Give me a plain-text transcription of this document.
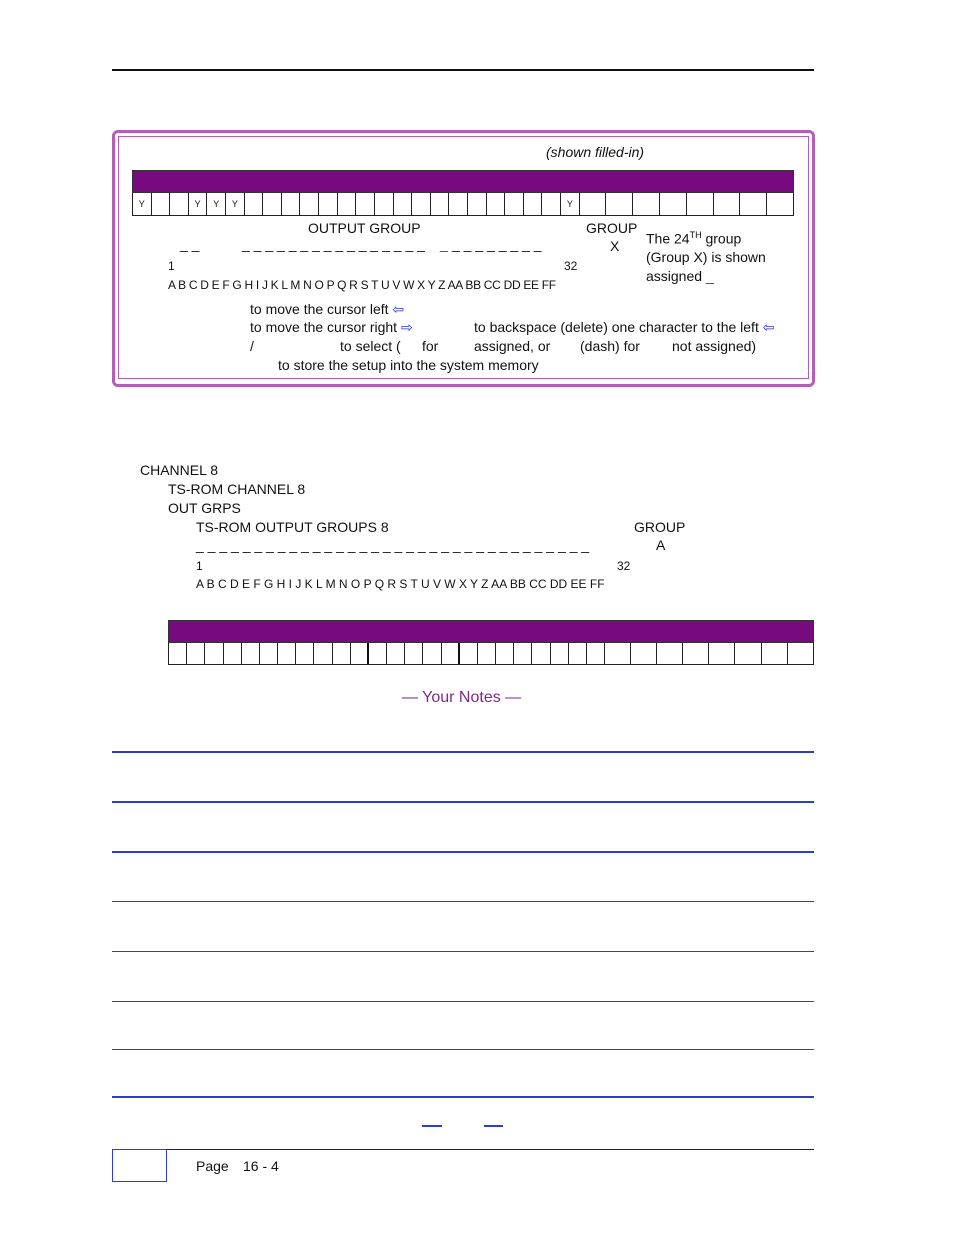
(shown filled-in)
Y	Y	Y	Y	Y
OUTPUT GROUP	GROUP
X
_ _	_ _ _ _ _ _ _ _ _ _ _ _ _ _ _ _ _ _ _ _ _ _ _ _ _
1	32
A B C D E F G H I J K L M N O P Q R S T U V W X Y Z AA BB CC DD EE FF
The 24TH group
(Group X) is shown
assigned _
to move the cursor left ⇦
to move the cursor right ⇨	to backspace (delete) one character to the left ⇦
/	to select ( for	assigned, or (dash) for not assigned)
to store the setup into the system memory
CHANNEL 8
TS-ROM CHANNEL 8
OUT GRPS
TS-ROM OUTPUT GROUPS 8	GROUP
A
_ _ _ _ _ _ _ _ _ _ _ _ _ _ _ _ _ _ _ _ _ _ _ _ _ _ _ _ _ _ _ _ _ _
1	32
A B C D E F G H I J K L M N O P Q R S T U V W X Y Z AA BB CC DD EE FF
— Your Notes —
Page 16 - 4
